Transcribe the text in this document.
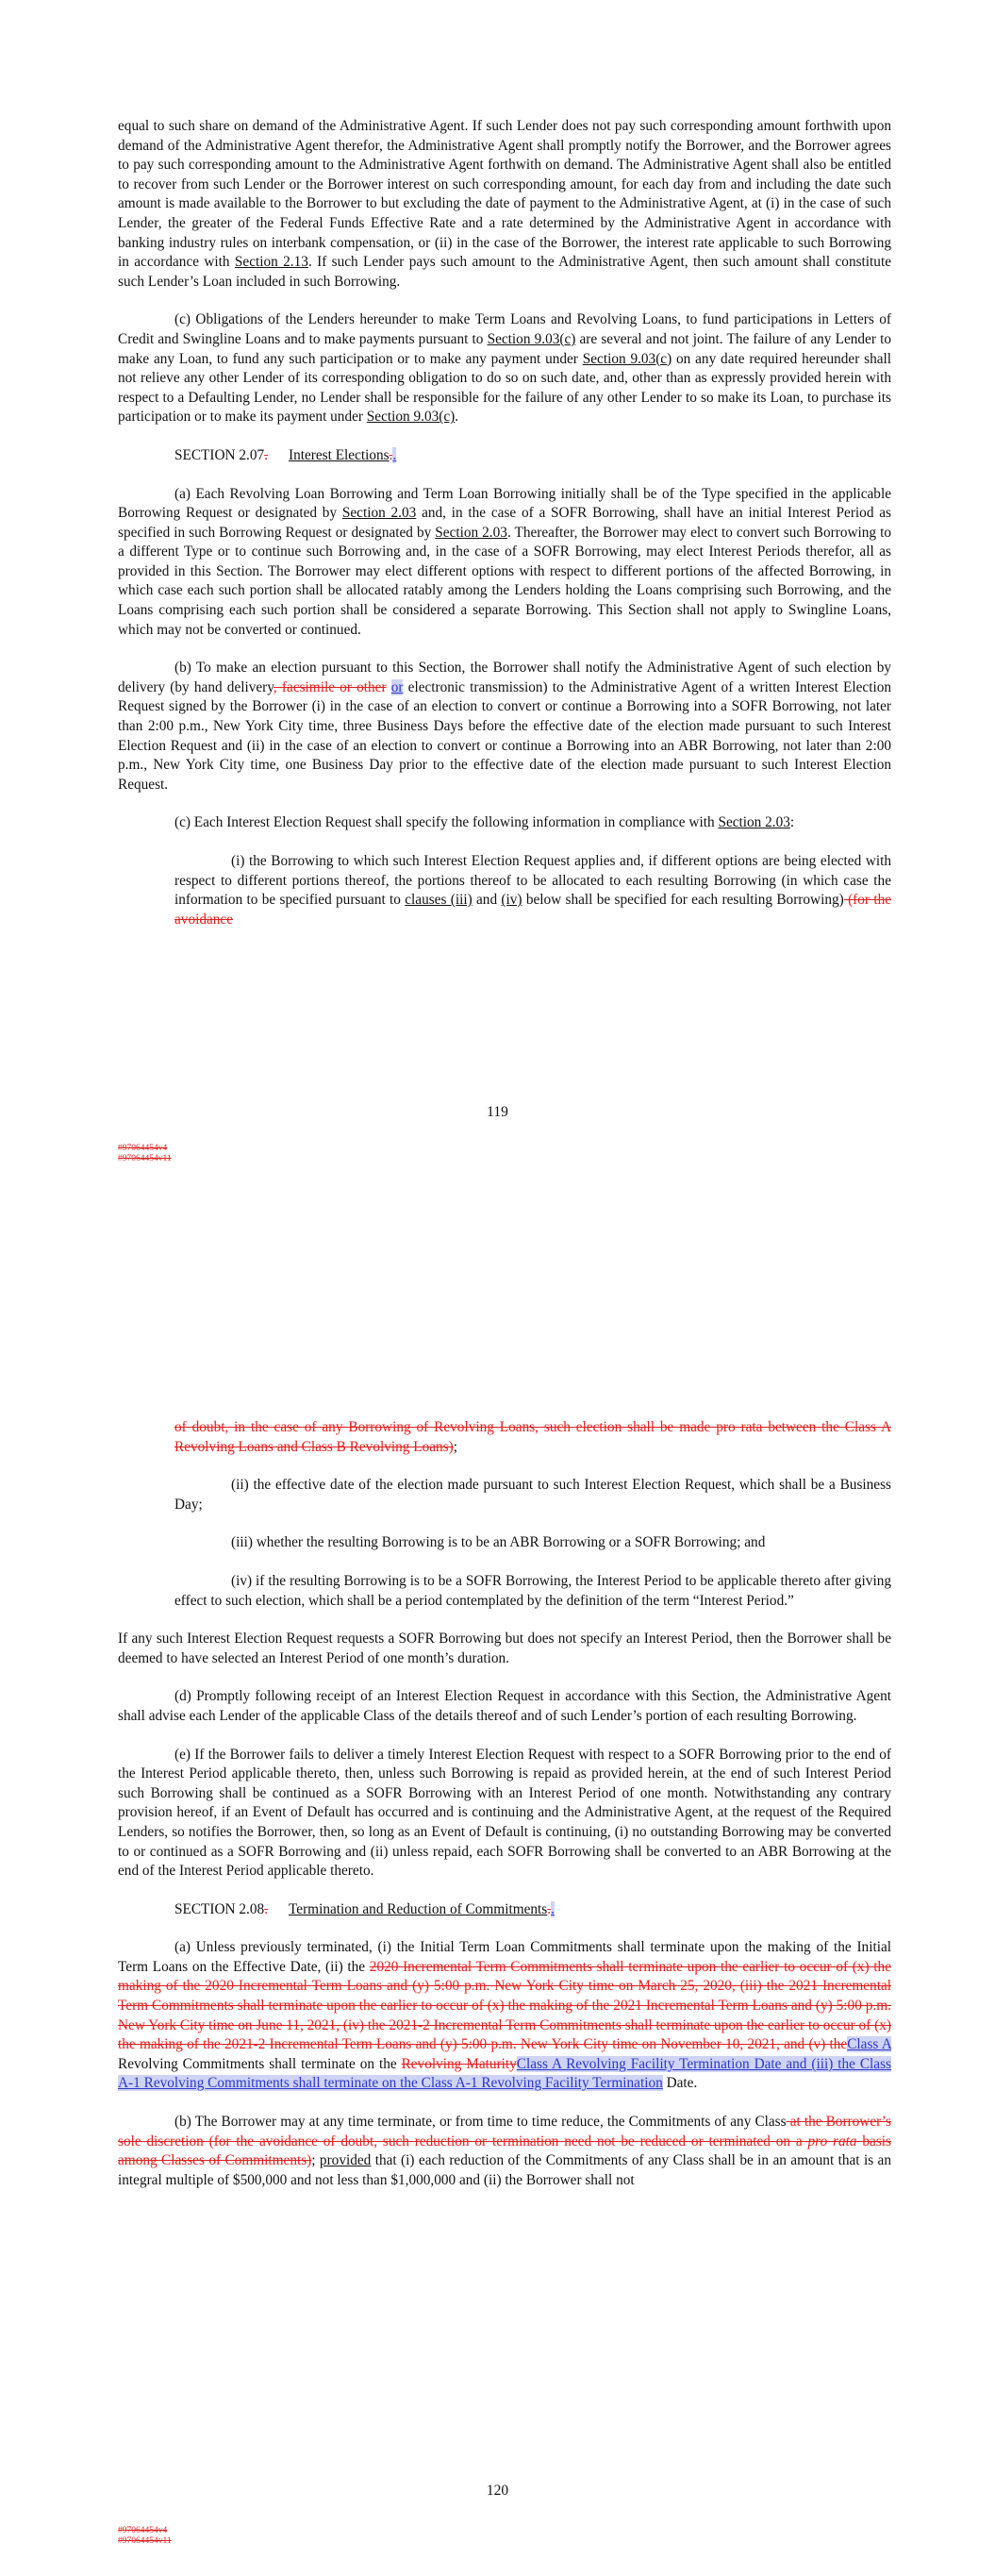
equal to such share on demand of the Administrative Agent. If such Lender does not pay such corresponding amount forthwith upon demand of the Administrative Agent therefor, the Administrative Agent shall promptly notify the Borrower, and the Borrower agrees to pay such corresponding amount to the Administrative Agent forthwith on demand. The Administrative Agent shall also be entitled to recover from such Lender or the Borrower interest on such corresponding amount, for each day from and including the date such amount is made available to the Borrower to but excluding the date of payment to the Administrative Agent, at (i) in the case of such Lender, the greater of the Federal Funds Effective Rate and a rate determined by the Administrative Agent in accordance with banking industry rules on interbank compensation, or (ii) in the case of the Borrower, the interest rate applicable to such Borrowing in accordance with Section 2.13. If such Lender pays such amount to the Administrative Agent, then such amount shall constitute such Lender’s Loan included in such Borrowing.

(c) Obligations of the Lenders hereunder to make Term Loans and Revolving Loans, to fund participations in Letters of Credit and Swingline Loans and to make payments pursuant to Section 9.03(c) are several and not joint. The failure of any Lender to make any Loan, to fund any such participation or to make any payment under Section 9.03(c) on any date required hereunder shall not relieve any other Lender of its corresponding obligation to do so on such date, and, other than as expressly provided herein with respect to a Defaulting Lender, no Lender shall be responsible for the failure of any other Lender to so make its Loan, to purchase its participation or to make its payment under Section 9.03(c).

SECTION 2.07. Interest Elections..

(a) Each Revolving Loan Borrowing and Term Loan Borrowing initially shall be of the Type specified in the applicable Borrowing Request or designated by Section 2.03 and, in the case of a SOFR Borrowing, shall have an initial Interest Period as specified in such Borrowing Request or designated by Section 2.03. Thereafter, the Borrower may elect to convert such Borrowing to a different Type or to continue such Borrowing and, in the case of a SOFR Borrowing, may elect Interest Periods therefor, all as provided in this Section. The Borrower may elect different options with respect to different portions of the affected Borrowing, in which case each such portion shall be allocated ratably among the Lenders holding the Loans comprising such Borrowing, and the Loans comprising each such portion shall be considered a separate Borrowing. This Section shall not apply to Swingline Loans, which may not be converted or continued.

(b) To make an election pursuant to this Section, the Borrower shall notify the Administrative Agent of such election by delivery (by hand delivery, facsimile or other or electronic transmission) to the Administrative Agent of a written Interest Election Request signed by the Borrower (i) in the case of an election to convert or continue a Borrowing into a SOFR Borrowing, not later than 2:00 p.m., New York City time, three Business Days before the effective date of the election made pursuant to such Interest Election Request and (ii) in the case of an election to convert or continue a Borrowing into an ABR Borrowing, not later than 2:00 p.m., New York City time, one Business Day prior to the effective date of the election made pursuant to such Interest Election Request.

(c) Each Interest Election Request shall specify the following information in compliance with Section 2.03:

(i) the Borrowing to which such Interest Election Request applies and, if different options are being elected with respect to different portions thereof, the portions thereof to be allocated to each resulting Borrowing (in which case the information to be specified pursuant to clauses (iii) and (iv) below shall be specified for each resulting Borrowing) (for the avoidance

119
#97064454v4
#97064454v11

of doubt, in the case of any Borrowing of Revolving Loans, such election shall be made pro rata between the Class A Revolving Loans and Class B Revolving Loans);

(ii) the effective date of the election made pursuant to such Interest Election Request, which shall be a Business Day;

(iii) whether the resulting Borrowing is to be an ABR Borrowing or a SOFR Borrowing; and

(iv) if the resulting Borrowing is to be a SOFR Borrowing, the Interest Period to be applicable thereto after giving effect to such election, which shall be a period contemplated by the definition of the term “Interest Period.”

If any such Interest Election Request requests a SOFR Borrowing but does not specify an Interest Period, then the Borrower shall be deemed to have selected an Interest Period of one month’s duration.

(d) Promptly following receipt of an Interest Election Request in accordance with this Section, the Administrative Agent shall advise each Lender of the applicable Class of the details thereof and of such Lender’s portion of each resulting Borrowing.

(e) If the Borrower fails to deliver a timely Interest Election Request with respect to a SOFR Borrowing prior to the end of the Interest Period applicable thereto, then, unless such Borrowing is repaid as provided herein, at the end of such Interest Period such Borrowing shall be continued as a SOFR Borrowing with an Interest Period of one month. Notwithstanding any contrary provision hereof, if an Event of Default has occurred and is continuing and the Administrative Agent, at the request of the Required Lenders, so notifies the Borrower, then, so long as an Event of Default is continuing, (i) no outstanding Borrowing may be converted to or continued as a SOFR Borrowing and (ii) unless repaid, each SOFR Borrowing shall be converted to an ABR Borrowing at the end of the Interest Period applicable thereto.

SECTION 2.08. Termination and Reduction of Commitments..

(a) Unless previously terminated, (i) the Initial Term Loan Commitments shall terminate upon the making of the Initial Term Loans on the Effective Date, (ii) the 2020 Incremental Term Commitments shall terminate upon the earlier to occur of (x) the making of the 2020 Incremental Term Loans and (y) 5:00 p.m. New York City time on March 25, 2020, (iii) the 2021 Incremental Term Commitments shall terminate upon the earlier to occur of (x) the making of the 2021 Incremental Term Loans and (y) 5:00 p.m. New York City time on June 11, 2021, (iv) the 2021-2 Incremental Term Commitments shall terminate upon the earlier to occur of (x) the making of the 2021-2 Incremental Term Loans and (y) 5:00 p.m. New York City time on November 10, 2021, and (v) theClass A Revolving Commitments shall terminate on the Revolving MaturityClass A Revolving Facility Termination Date and (iii) the Class A-1 Revolving Commitments shall terminate on the Class A-1 Revolving Facility Termination Date.

(b) The Borrower may at any time terminate, or from time to time reduce, the Commitments of any Class at the Borrower’s sole discretion (for the avoidance of doubt, such reduction or termination need not be reduced or terminated on a pro rata basis among Classes of Commitments); provided that (i) each reduction of the Commitments of any Class shall be in an amount that is an integral multiple of $500,000 and not less than $1,000,000 and (ii) the Borrower shall not

120
#97064454v4
#97064454v11
